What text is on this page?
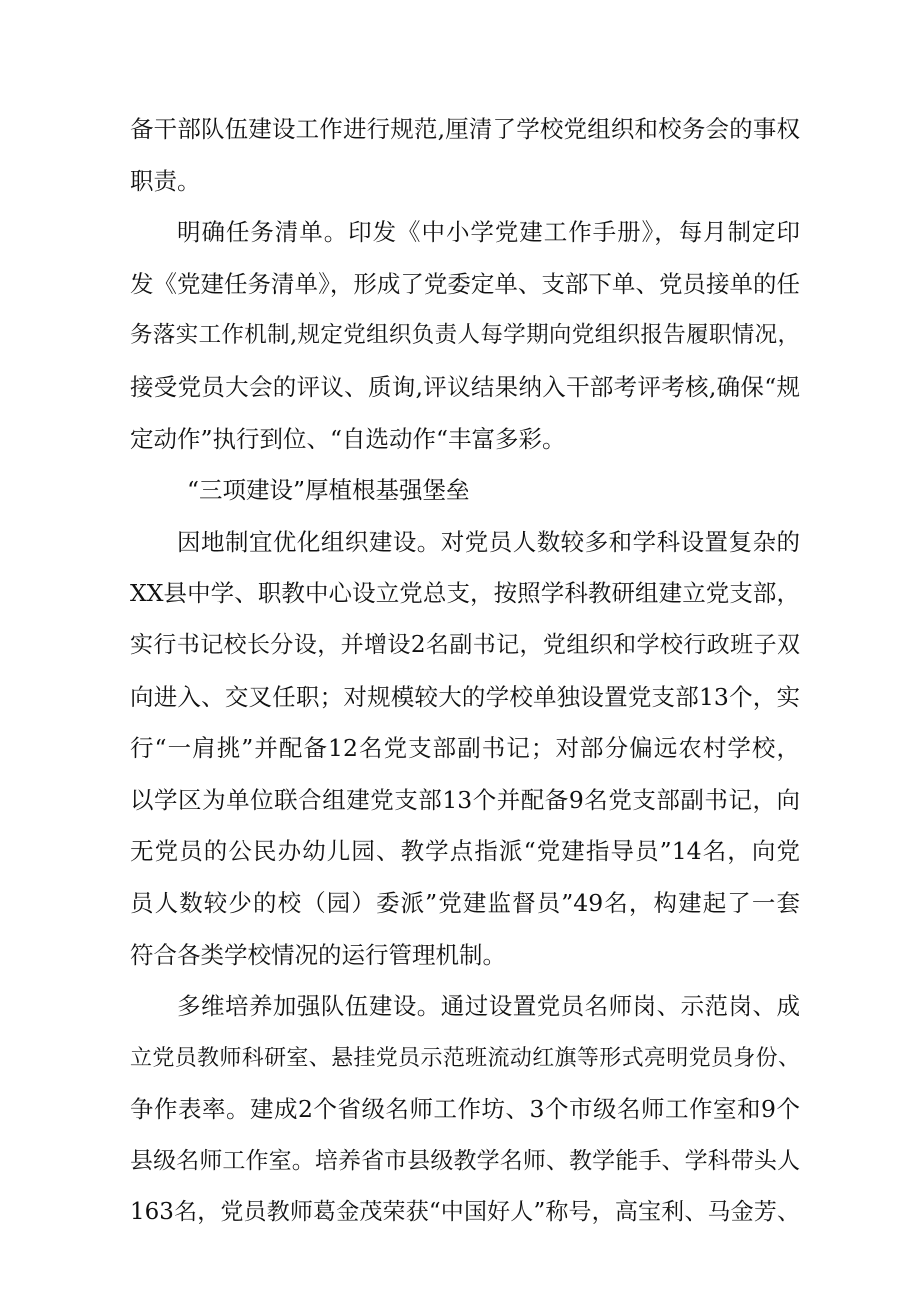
备干部队伍建设工作进行规范,厘清了学校党组织和校务会的事权
职责。
明确任务清单。印发《中小学党建工作手册》，每月制定印
发《党建任务清单》，形成了党委定单、支部下单、党员接单的任
务落实工作机制,规定党组织负责人每学期向党组织报告履职情况，
接受党员大会的评议、质询,评议结果纳入干部考评考核,确保“规
定动作”执行到位、“自选动作“丰富多彩。
“三项建设”厚植根基强堡垒
因地制宜优化组织建设。对党员人数较多和学科设置复杂的
XX县中学、职教中心设立党总支，按照学科教研组建立党支部，
实行书记校长分设，并增设2名副书记，党组织和学校行政班子双
向进入、交叉任职；对规模较大的学校单独设置党支部13个，实
行“一肩挑”并配备12名党支部副书记；对部分偏远农村学校，
以学区为单位联合组建党支部13个并配备9名党支部副书记，向
无党员的公民办幼儿园、教学点指派“党建指导员”14名，向党
员人数较少的校（园）委派”党建监督员”49名，构建起了一套
符合各类学校情况的运行管理机制。
多维培养加强队伍建设。通过设置党员名师岗、示范岗、成
立党员教师科研室、悬挂党员示范班流动红旗等形式亮明党员身份、
争作表率。建成2个省级名师工作坊、3个市级名师工作室和9个
县级名师工作室。培养省市县级教学名师、教学能手、学科带头人
163名，党员教师葛金茂荣获“中国好人”称号，高宝利、马金芳、
